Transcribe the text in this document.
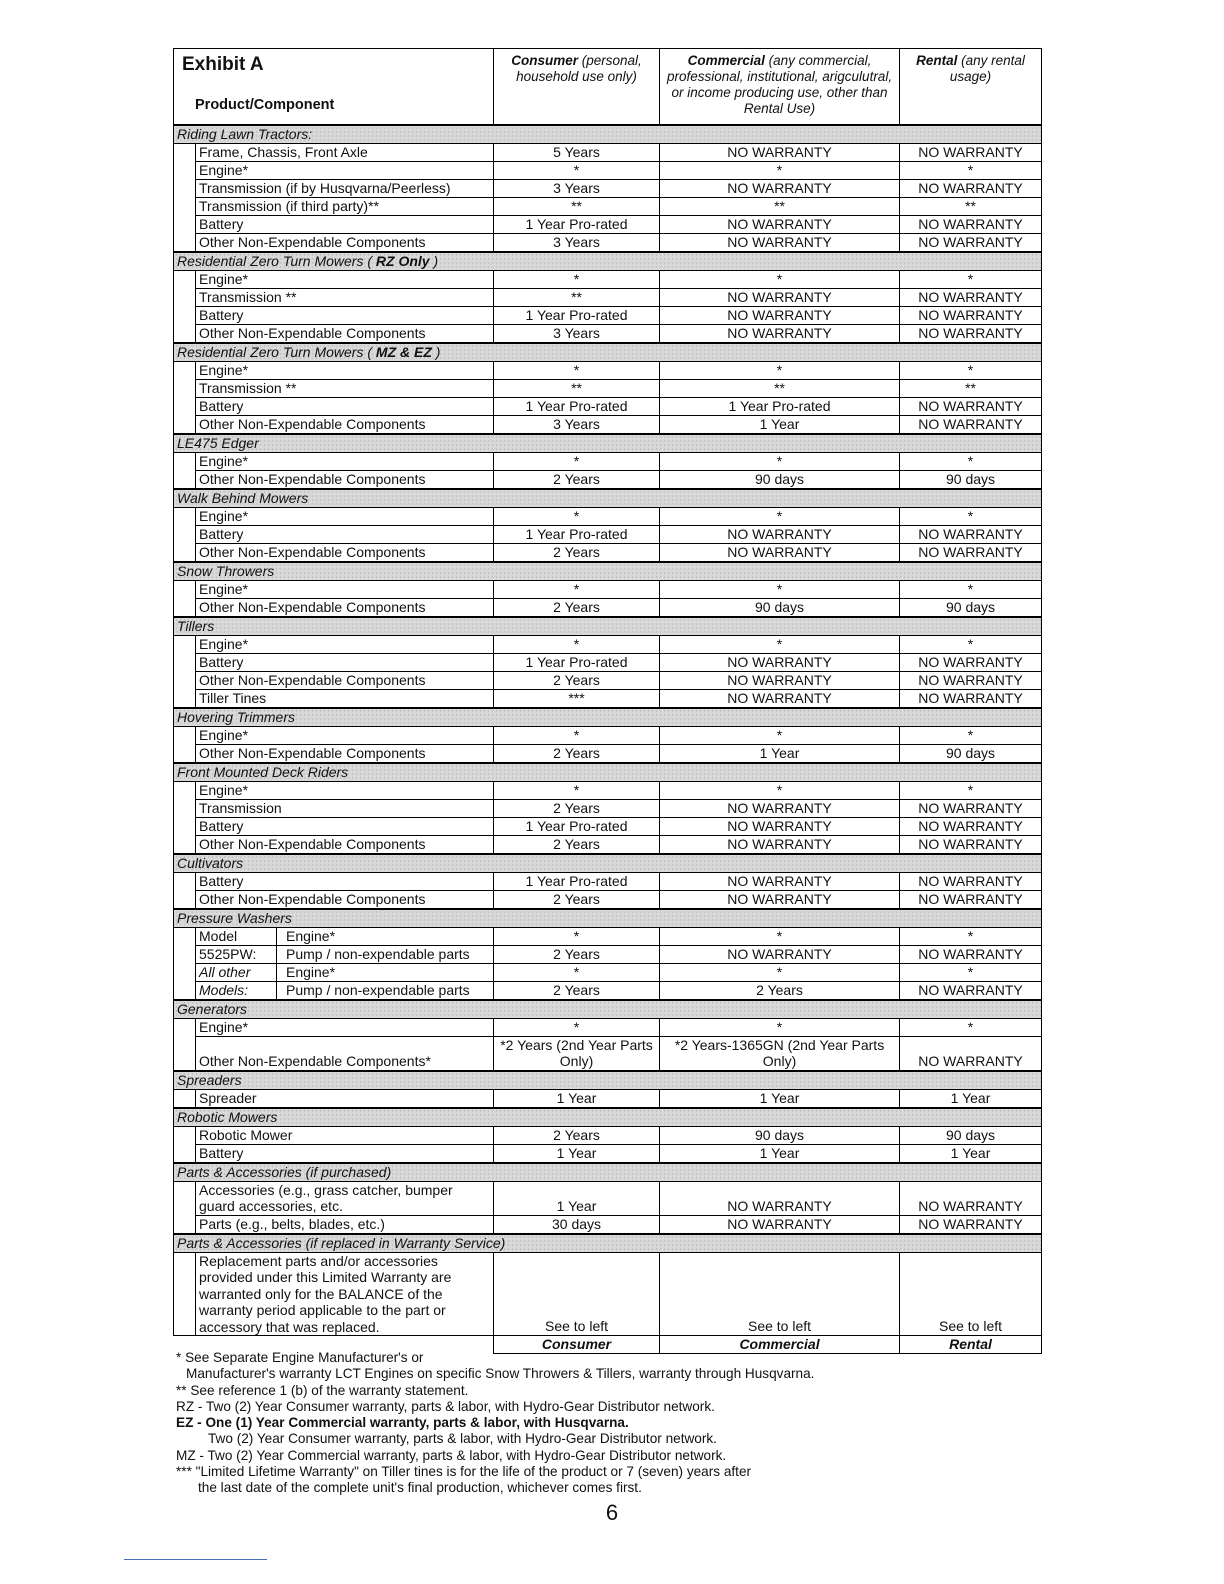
Exhibit A
Product/Component		Consumer (personal, household use only)	Commercial (any commercial, professional, institutional, arigculutral, or income producing use, other than Rental Use)	Rental (any rental usage)
Riding Lawn Tractors:				
	Frame, Chassis, Front Axle	5 Years	NO WARRANTY	NO WARRANTY
	Engine*	*	*	*
	Transmission (if by Husqvarna/Peerless)	3 Years	NO WARRANTY	NO WARRANTY
	Transmission (if third party)**	**	**	**
	Battery	1 Year Pro-rated	NO WARRANTY	NO WARRANTY
	Other Non-Expendable Components	3 Years	NO WARRANTY	NO WARRANTY
Residential Zero Turn Mowers ( RZ Only )				
	Engine*	*	*	*
	Transmission **	**	NO WARRANTY	NO WARRANTY
	Battery	1 Year Pro-rated	NO WARRANTY	NO WARRANTY
	Other Non-Expendable Components	3 Years	NO WARRANTY	NO WARRANTY
Residential Zero Turn Mowers ( MZ & EZ )				
	Engine*	*	*	*
	Transmission **	**	**	**
	Battery	1 Year Pro-rated	1 Year Pro-rated	NO WARRANTY
	Other Non-Expendable Components	3 Years	1 Year	NO WARRANTY
LE475 Edger				
	Engine*	*	*	*
	Other Non-Expendable Components	2 Years	90 days	90 days
Walk Behind Mowers				
	Engine*	*	*	*
	Battery	1 Year Pro-rated	NO WARRANTY	NO WARRANTY
	Other Non-Expendable Components	2 Years	NO WARRANTY	NO WARRANTY
Snow Throwers				
	Engine*	*	*	*
	Other Non-Expendable Components	2 Years	90 days	90 days
Tillers				
	Engine*	*	*	*
	Battery	1 Year Pro-rated	NO WARRANTY	NO WARRANTY
	Other Non-Expendable Components	2 Years	NO WARRANTY	NO WARRANTY
	Tiller Tines	***	NO WARRANTY	NO WARRANTY
Hovering Trimmers				
	Engine*	*	*	*
	Other Non-Expendable Components	2 Years	1 Year	90 days
Front Mounted Deck Riders				
	Engine*	*	*	*
	Transmission	2 Years	NO WARRANTY	NO WARRANTY
	Battery	1 Year Pro-rated	NO WARRANTY	NO WARRANTY
	Other Non-Expendable Components	2 Years	NO WARRANTY	NO WARRANTY
Cultivators				
	Battery	1 Year Pro-rated	NO WARRANTY	NO WARRANTY
	Other Non-Expendable Components	2 Years	NO WARRANTY	NO WARRANTY
Pressure Washers				

	Model Engine*	*	*	*

	5525PW: Pump / non-expendable parts	2 Years	NO WARRANTY	NO WARRANTY

	All other Engine*	*	*	*

	Models: Pump / non-expendable parts	2 Years	2 Years	NO WARRANTY
Generators				
	Engine*	*	*	*
	Other Non-Expendable Components*	*2 Years (2nd Year Parts Only)	*2 Years-1365GN (2nd Year Parts Only)	NO WARRANTY
Spreaders				
	Spreader	1 Year	1 Year	1 Year
Robotic Mowers				
	Robotic Mower	2 Years	90 days	90 days
	Battery	1 Year	1 Year	1 Year
Parts & Accessories (if purchased)				
	Accessories (e.g., grass catcher, bumper guard accessories, etc.	1 Year	NO WARRANTY	NO WARRANTY
	Parts (e.g., belts, blades, etc.)	30 days	NO WARRANTY	NO WARRANTY
Parts & Accessories (if replaced in Warranty Service)				
	Replacement parts and/or accessories provided under this Limited Warranty are warranted only for the BALANCE of the warranty period applicable to the part or accessory that was replaced.	See to left	See to left	See to left
		Consumer	Commercial	Rental
* See Separate Engine Manufacturer's or
Manufacturer's warranty LCT Engines on specific Snow Throwers & Tillers, warranty through Husqvarna.
** See reference 1 (b) of the warranty statement.
RZ - Two (2) Year Consumer warranty, parts & labor, with Hydro-Gear Distributor network.
EZ - One (1) Year Commercial warranty, parts & labor, with Husqvarna.
Two (2) Year Consumer warranty, parts & labor, with Hydro-Gear Distributor network.
MZ - Two (2) Year Commercial warranty, parts & labor, with Hydro-Gear Distributor network.
*** "Limited Lifetime Warranty" on Tiller tines is for the life of the product or 7 (seven) years after
the last date of the complete unit's final production, whichever comes first.
6
